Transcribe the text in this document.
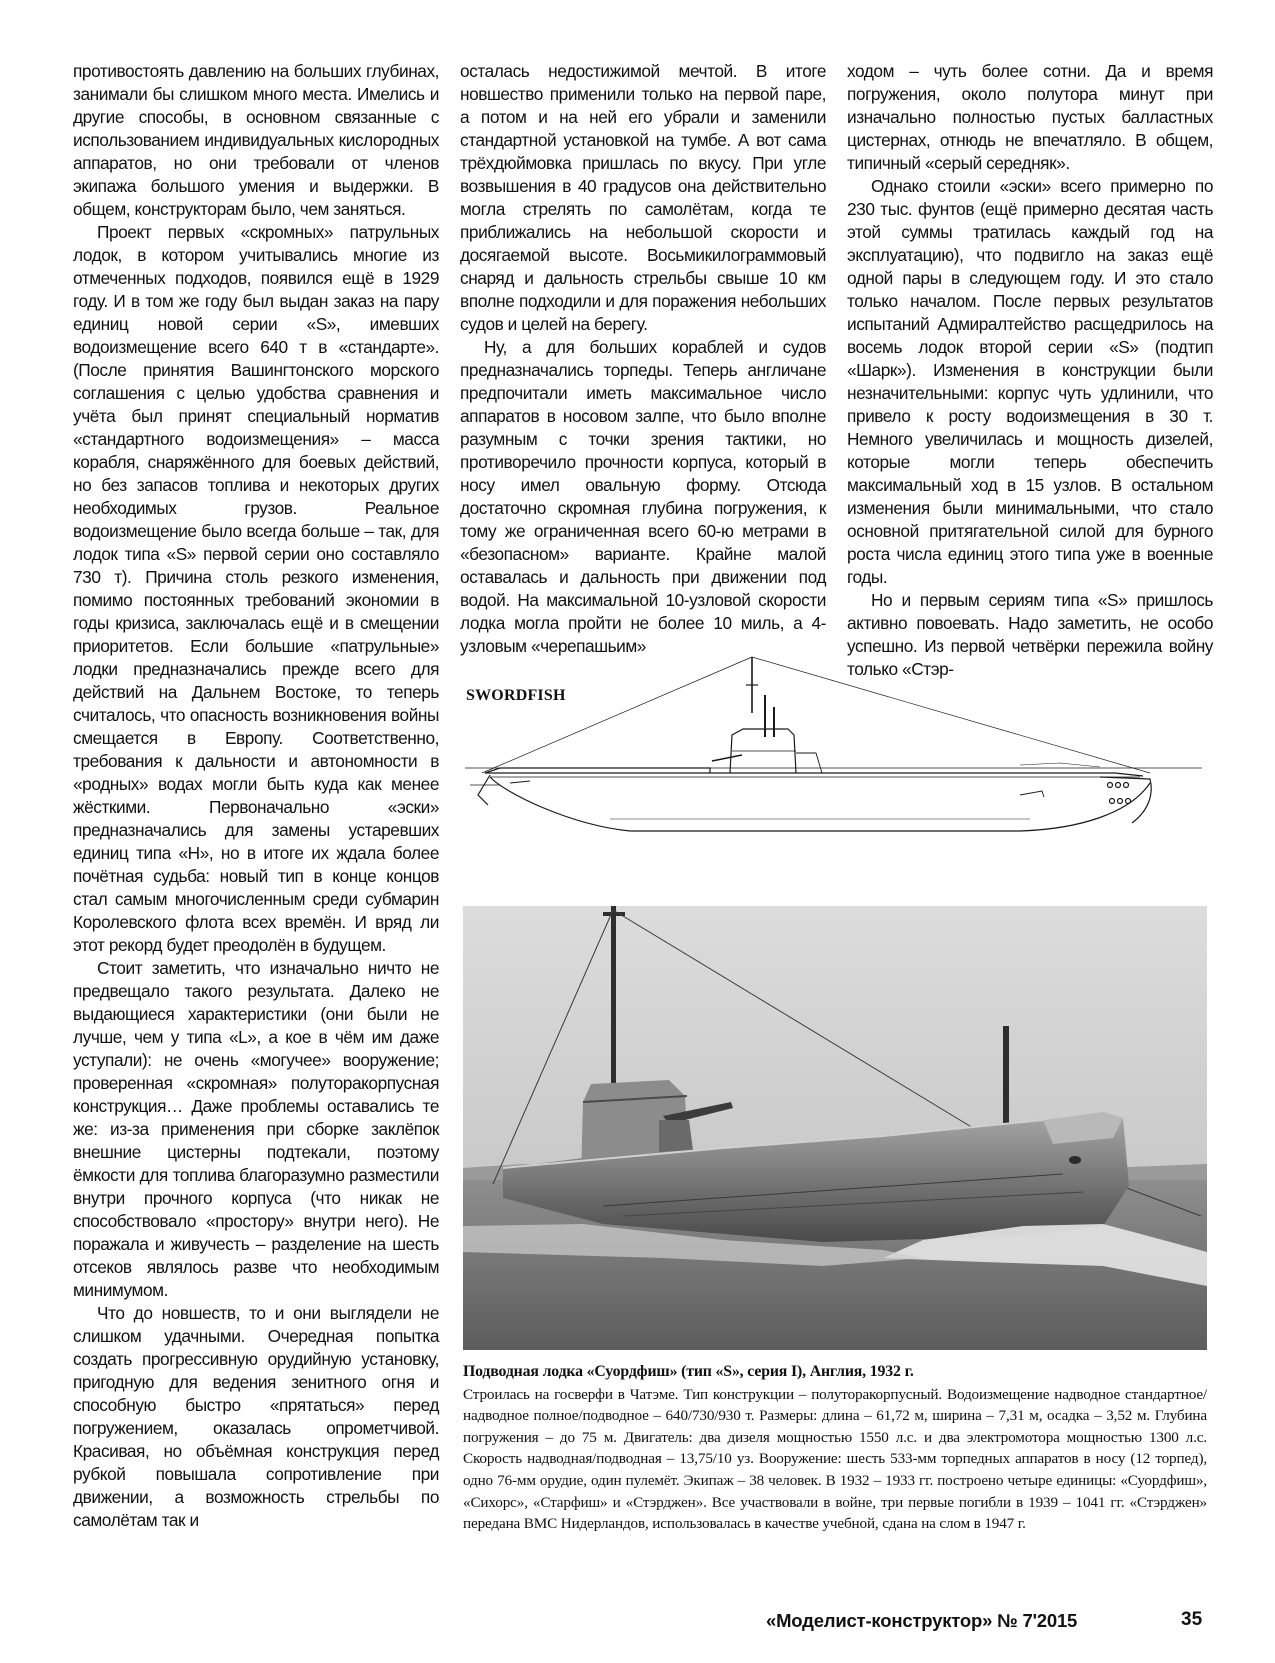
противостоять давлению на больших глубинах, занимали бы слишком много места. Имелись и другие способы, в основном связанные с использованием индивидуальных кислородных аппаратов, но они требовали от членов экипажа большого умения и выдержки. В общем, конструкторам было, чем заняться.

Проект первых «скромных» патрульных лодок, в котором учитывались многие из отмеченных подходов, появился ещё в 1929 году. И в том же году был выдан заказ на пару единиц новой серии «S», имевших водоизмещение всего 640 т в «стандарте». (После принятия Вашингтонского морского соглашения с целью удобства сравнения и учёта был принят специальный норматив «стандартного водоизмещения» – масса корабля, снаряжённого для боевых действий, но без запасов топлива и некоторых других необходимых грузов. Реальное водоизмещение было всегда больше – так, для лодок типа «S» первой серии оно составляло 730 т). Причина столь резкого изменения, помимо постоянных требований экономии в годы кризиса, заключалась ещё и в смещении приоритетов. Если большие «патрульные» лодки предназначались прежде всего для действий на Дальнем Востоке, то теперь считалось, что опасность возникновения войны смещается в Европу. Соответственно, требования к дальности и автономности в «родных» водах могли быть куда как менее жёсткими. Первоначально «эски» предназначались для замены устаревших единиц типа «H», но в итоге их ждала более почётная судьба: новый тип в конце концов стал самым многочисленным среди субмарин Королевского флота всех времён. И вряд ли этот рекорд будет преодолён в будущем.

Стоит заметить, что изначально ничто не предвещало такого результата. Далеко не выдающиеся характеристики (они были не лучше, чем у типа «L», а кое в чём им даже уступали): не очень «могучее» вооружение; проверенная «скромная» полуторакорпусная конструкция… Даже проблемы оставались те же: из-за применения при сборке заклёпок внешние цистерны подтекали, поэтому ёмкости для топлива благоразумно разместили внутри прочного корпуса (что никак не способствовало «простору» внутри него). Не поражала и живучесть – разделение на шесть отсеков являлось разве что необходимым минимумом.

Что до новшеств, то и они выглядели не слишком удачными. Очередная попытка создать прогрессивную орудийную установку, пригодную для ведения зенитного огня и способную быстро «прятаться» перед погружением, оказалась опрометчивой. Красивая, но объёмная конструкция перед рубкой повышала сопротивление при движении, а возможность стрельбы по самолётам так и

осталась недостижимой мечтой. В итоге новшество применили только на первой паре, а потом и на ней его убрали и заменили стандартной установкой на тумбе. А вот сама трёхдюймовка пришлась по вкусу. При угле возвышения в 40 градусов она действительно могла стрелять по самолётам, когда те приближались на небольшой скорости и досягаемой высоте. Восьмикилограммовый снаряд и дальность стрельбы свыше 10 км вполне подходили и для поражения небольших судов и целей на берегу.

Ну, а для больших кораблей и судов предназначались торпеды. Теперь англичане предпочитали иметь максимальное число аппаратов в носовом залпе, что было вполне разумным с точки зрения тактики, но противоречило прочности корпуса, который в носу имел овальную форму. Отсюда достаточно скромная глубина погружения, к тому же ограниченная всего 60-ю метрами в «безопасном» варианте. Крайне малой оставалась и дальность при движении под водой. На максимальной 10-узловой скорости лодка могла пройти не более 10 миль, а 4-узловым «черепашьим»

ходом – чуть более сотни. Да и время погружения, около полутора минут при изначально полностью пустых балластных цистернах, отнюдь не впечатляло. В общем, типичный «серый середняк».

Однако стоили «эски» всего примерно по 230 тыс. фунтов (ещё примерно десятая часть этой суммы тратилась каждый год на эксплуатацию), что подвигло на заказ ещё одной пары в следующем году. И это стало только началом. После первых результатов испытаний Адмиралтейство расщедрилось на восемь лодок второй серии «S» (подтип «Шарк»). Изменения в конструкции были незначительными: корпус чуть удлинили, что привело к росту водоизмещения в 30 т. Немного увеличилась и мощность дизелей, которые могли теперь обеспечить максимальный ход в 15 узлов. В остальном изменения были минимальными, что стало основной притягательной силой для бурного роста числа единиц этого типа уже в военные годы.

Но и первым сериям типа «S» пришлось активно повоевать. Надо заметить, не особо успешно. Из первой четвёрки пережила войну только «Стэр-

SWORDFISH
Подводная лодка «Суордфиш» (тип «S», серия I), Англия, 1932 г.
Строилась на госверфи в Чатэме. Тип конструкции – полуторакорпусный. Водоизмещение надводное стандартное/надводное полное/подводное – 640/730/930 т. Размеры: длина – 61,72 м, ширина – 7,31 м, осадка – 3,52 м. Глубина погружения – до 75 м. Двигатель: два дизеля мощностью 1550 л.с. и два электромотора мощностью 1300 л.с. Скорость надводная/подводная – 13,75/10 уз. Вооружение: шесть 533-мм торпедных аппаратов в носу (12 торпед), одно 76-мм орудие, один пулемёт. Экипаж – 38 человек. В 1932 – 1933 гг. построено четыре единицы: «Суордфиш», «Сихорс», «Старфиш» и «Стэрджен». Все участвовали в войне, три первые погибли в 1939 – 1041 гг. «Стэрджен» передана ВМС Нидерландов, использовалась в качестве учебной, сдана на слом в 1947 г.
«Моделист-конструктор» № 7'2015	35
